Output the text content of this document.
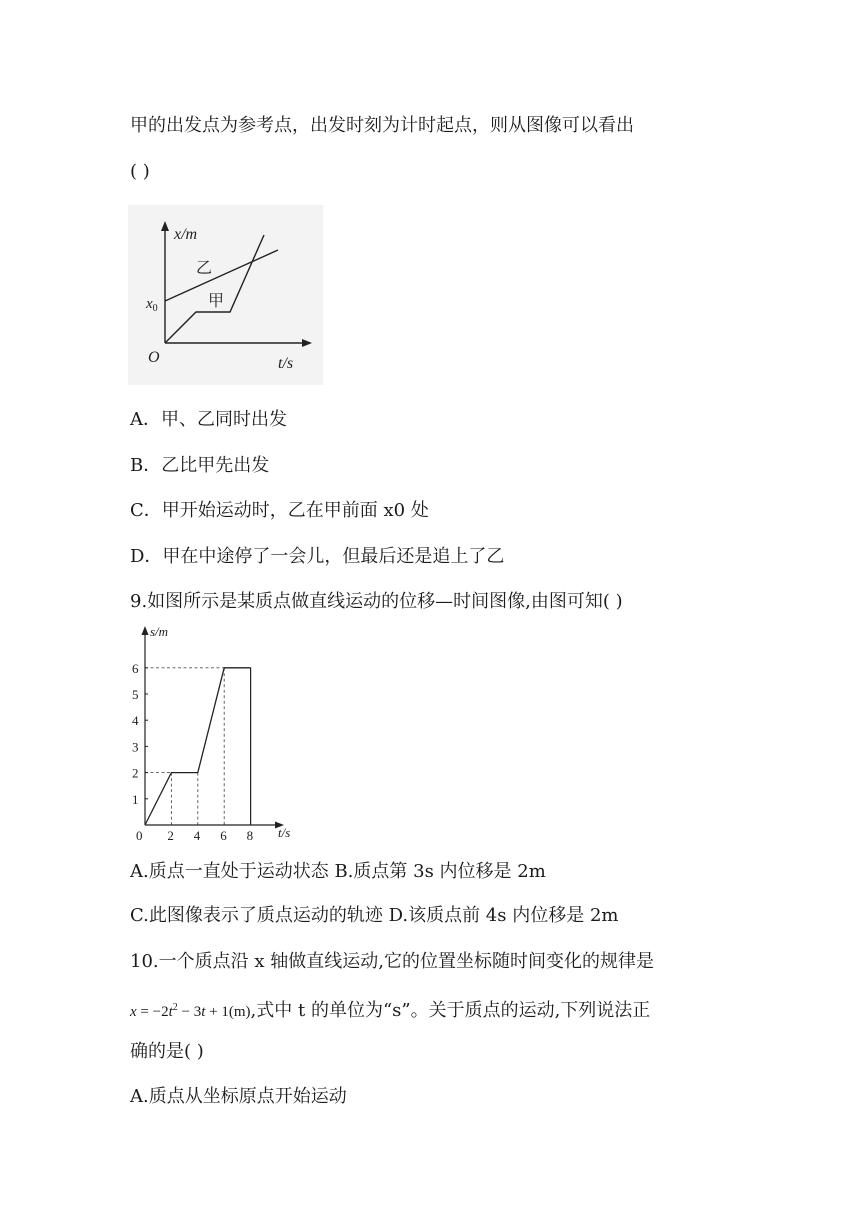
甲的出发点为参考点，出发时刻为计时起点，则从图像可以看出
( )
x/m
t/s
O
$x_0$
乙
甲
A．甲、乙同时出发
B．乙比甲先出发
C．甲开始运动时，乙在甲前面 x0 处
D．甲在中途停了一会儿，但最后还是追上了乙
9.如图所示是某质点做直线运动的位移—时间图像,由图可知( )
0 2 4 6 8
1
2
3
4
5
6
s/m
t/s
A.质点一直处于运动状态 B.质点第 3s 内位移是 2m
C.此图像表示了质点运动的轨迹 D.该质点前 4s 内位移是 2m
10.一个质点沿 x 轴做直线运动,它的位置坐标随时间变化的规律是
$x = -2t^2 - 3t + 1(m)$,式中 t 的单位为“s”。关于质点的运动,下列说法正
确的是( )
A.质点从坐标原点开始运动
